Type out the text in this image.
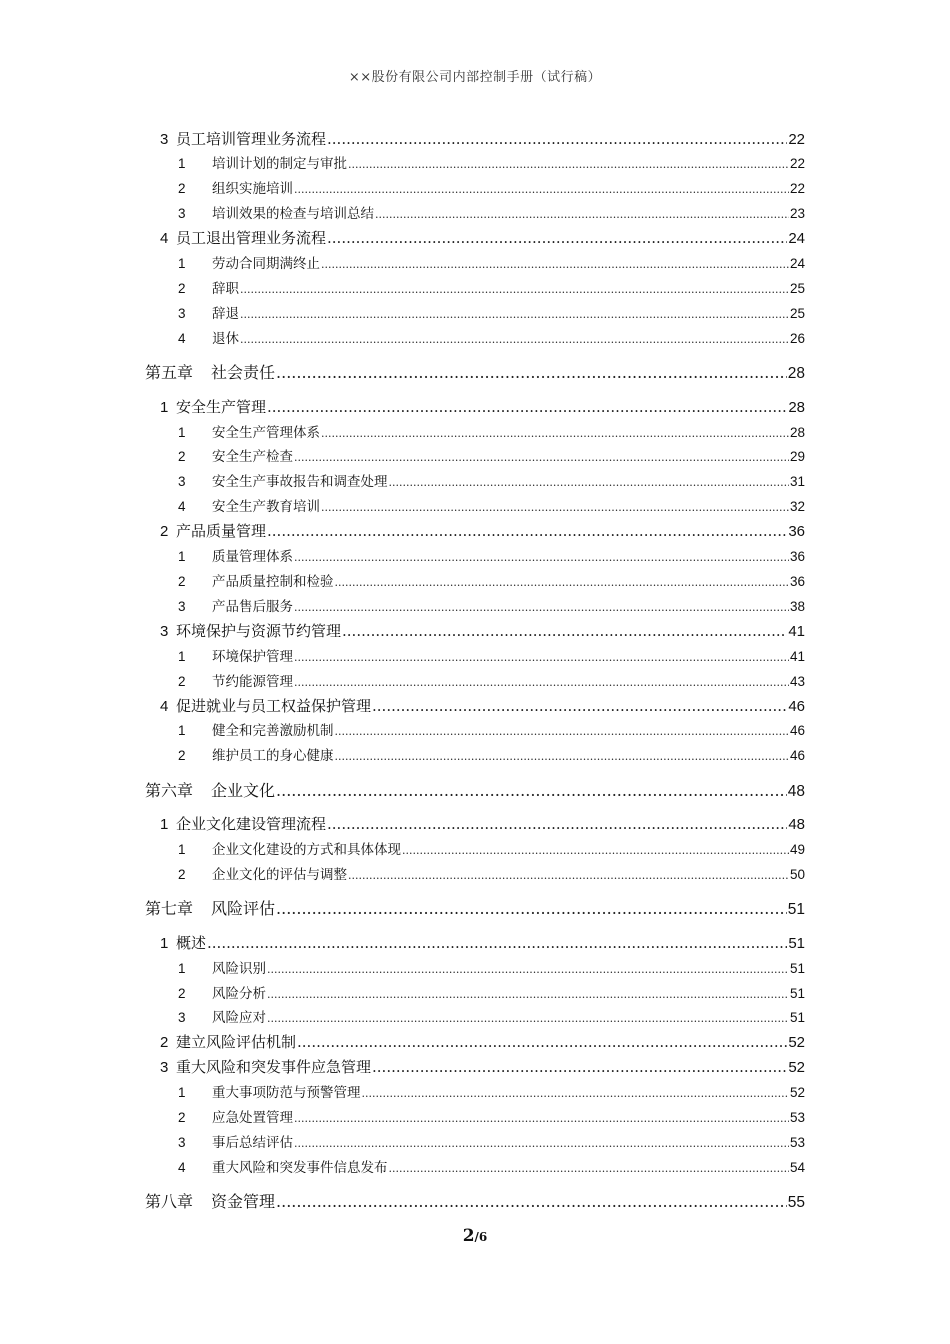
××股份有限公司内部控制手册（试行稿）
3 员工培训管理业务流程 .....	22
1	培训计划的制定与审批 .....	22
2	组织实施培训 .....	22
3	培训效果的检查与培训总结 .....	23
4 员工退出管理业务流程 .....	24
1	劳动合同期满终止 .....	24
2	辞职 .....	25
3	辞退 .....	25
4	退休 .....	26
第五章	社会责任 .....	28
1 安全生产管理 .....	28
1	安全生产管理体系 .....	28
2	安全生产检查 .....	29
3	安全生产事故报告和调查处理 .....	31
4	安全生产教育培训 .....	32
2 产品质量管理 .....	36
1	质量管理体系 .....	36
2	产品质量控制和检验 .....	36
3	产品售后服务 .....	38
3 环境保护与资源节约管理 .....	41
1	环境保护管理 .....	41
2	节约能源管理 .....	43
4 促进就业与员工权益保护管理 .....	46
1	健全和完善激励机制 .....	46
2	维护员工的身心健康 .....	46
第六章	企业文化 .....	48
1 企业文化建设管理流程 .....	48
1	企业文化建设的方式和具体体现 .....	49
2	企业文化的评估与调整 .....	50
第七章	风险评估 .....	51
1 概述 .....	51
1	风险识别 .....	51
2	风险分析 .....	51
3	风险应对 .....	51
2 建立风险评估机制 .....	52
3 重大风险和突发事件应急管理 .....	52
1	重大事项防范与预警管理 .....	52
2	应急处置管理 .....	53
3	事后总结评估 .....	53
4	重大风险和突发事件信息发布 .....	54
第八章	资金管理 .....	55
2/6
